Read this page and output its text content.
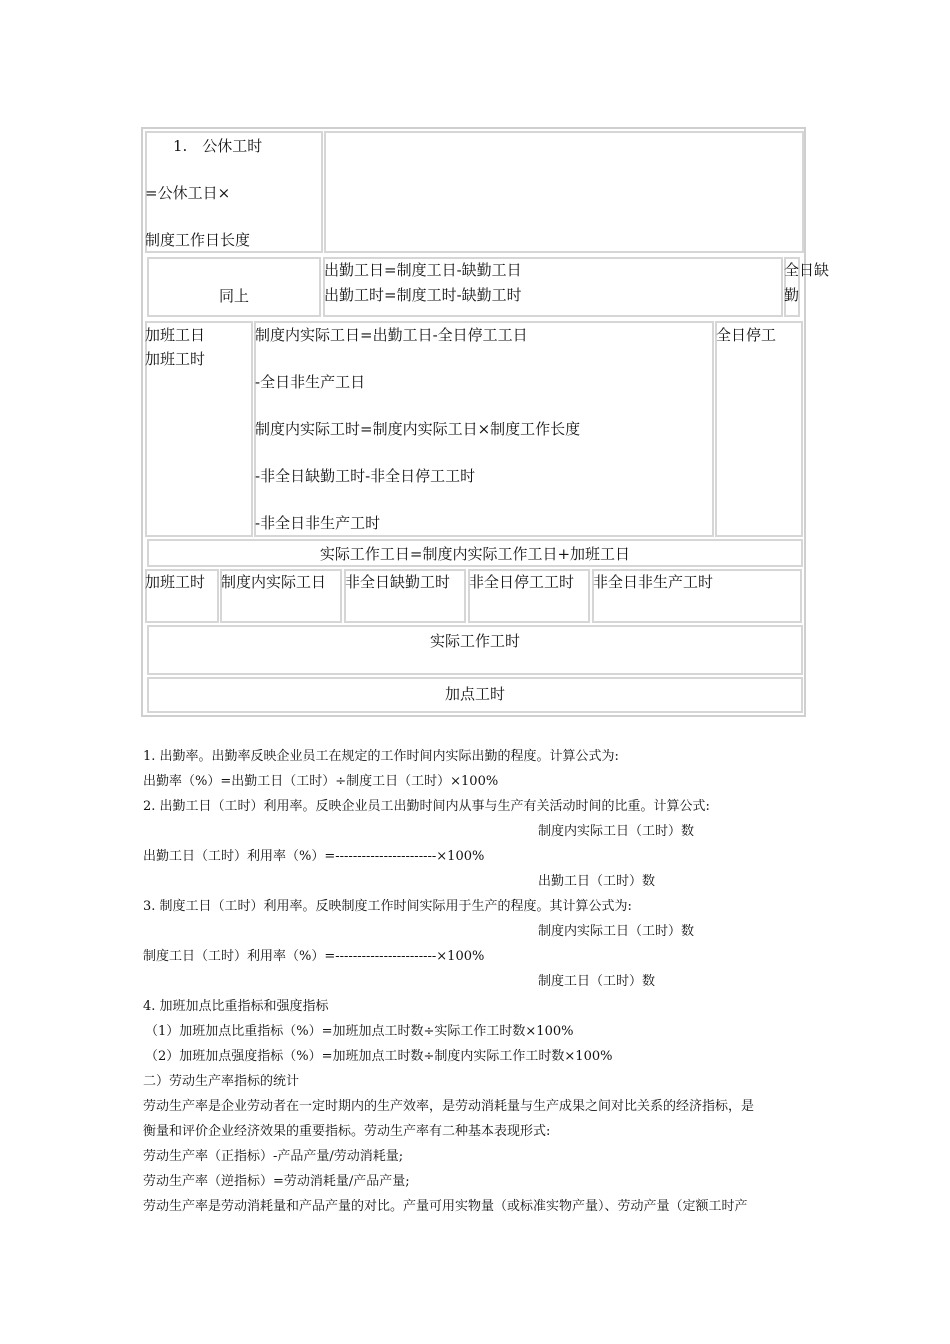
1.　公休工时
=公休工日×
制度工作日长度
同上
出勤工日=制度工日-缺勤工日
出勤工时=制度工时-缺勤工时
全日缺
勤
加班工日
加班工时
制度内实际工日=出勤工日-全日停工工日
-全日非生产工日
制度内实际工时=制度内实际工日×制度工作长度
-非全日缺勤工时-非全日停工工时
-非全日非生产工时
全日停工
实际工作工日=制度内实际工作工日+加班工日
加班工时 制度内实际工日 非全日缺勤工时 非全日停工工时 非全日非生产工时
实际工作工时
加点工时
1. 出勤率。出勤率反映企业员工在规定的工作时间内实际出勤的程度。计算公式为:
出勤率（%）=出勤工日（工时）÷制度工日（工时）×100%
2. 出勤工日（工时）利用率。反映企业员工出勤时间内从事与生产有关活动时间的比重。计算公式:
制度内实际工日（工时）数
出勤工日（工时）利用率（%）=-----------------------×100%
出勤工日（工时）数
3. 制度工日（工时）利用率。反映制度工作时间实际用于生产的程度。其计算公式为:
制度内实际工日（工时）数
制度工日（工时）利用率（%）=-----------------------×100%
制度工日（工时）数
4. 加班加点比重指标和强度指标
（1）加班加点比重指标（%）=加班加点工时数÷实际工作工时数×100%
（2）加班加点强度指标（%）=加班加点工时数÷制度内实际工作工时数×100%
二）劳动生产率指标的统计
劳动生产率是企业劳动者在一定时期内的生产效率，是劳动消耗量与生产成果之间对比关系的经济指标，是
衡量和评价企业经济效果的重要指标。劳动生产率有二种基本表现形式:
劳动生产率（正指标）-产品产量/劳动消耗量;
劳动生产率（逆指标）=劳动消耗量/产品产量;
劳动生产率是劳动消耗量和产品产量的对比。产量可用实物量（或标准实物产量）、劳动产量（定额工时产
